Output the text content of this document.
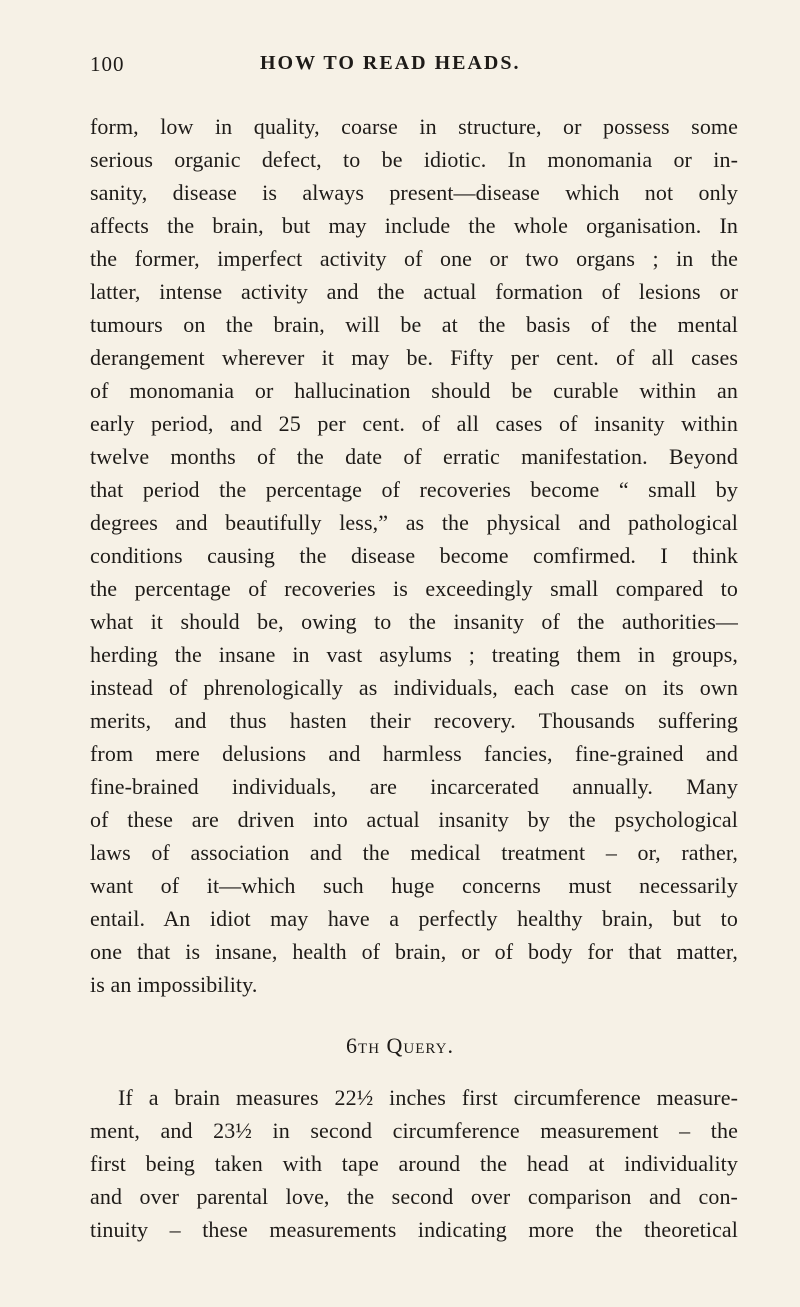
100	HOW TO READ HEADS.
form, low in quality, coarse in structure, or possess some
serious organic defect, to be idiotic. In monomania or in-
sanity, disease is always present—disease which not only
affects the brain, but may include the whole organisation. In
the former, imperfect activity of one or two organs ; in the
latter, intense activity and the actual formation of lesions or
tumours on the brain, will be at the basis of the mental
derangement wherever it may be. Fifty per cent. of all cases
of monomania or hallucination should be curable within an
early period, and 25 per cent. of all cases of insanity within
twelve months of the date of erratic manifestation. Beyond
that period the percentage of recoveries become “ small by
degrees and beautifully less,” as the physical and pathological
conditions causing the disease become comfirmed. I think
the percentage of recoveries is exceedingly small compared to
what it should be, owing to the insanity of the authorities—
herding the insane in vast asylums ; treating them in groups,
instead of phrenologically as individuals, each case on its own
merits, and thus hasten their recovery. Thousands suffering
from mere delusions and harmless fancies, fine-grained and
fine-brained individuals, are incarcerated annually. Many
of these are driven into actual insanity by the psychological
laws of association and the medical treatment – or, rather,
want of it—which such huge concerns must necessarily
entail. An idiot may have a perfectly healthy brain, but to
one that is insane, health of brain, or of body for that matter,
is an impossibility.
6th Query.
If a brain measures 22½ inches first circumference measure-
ment, and 23½ in second circumference measurement – the
first being taken with tape around the head at individuality
and over parental love, the second over comparison and con-
tinuity – these measurements indicating more the theoretical
